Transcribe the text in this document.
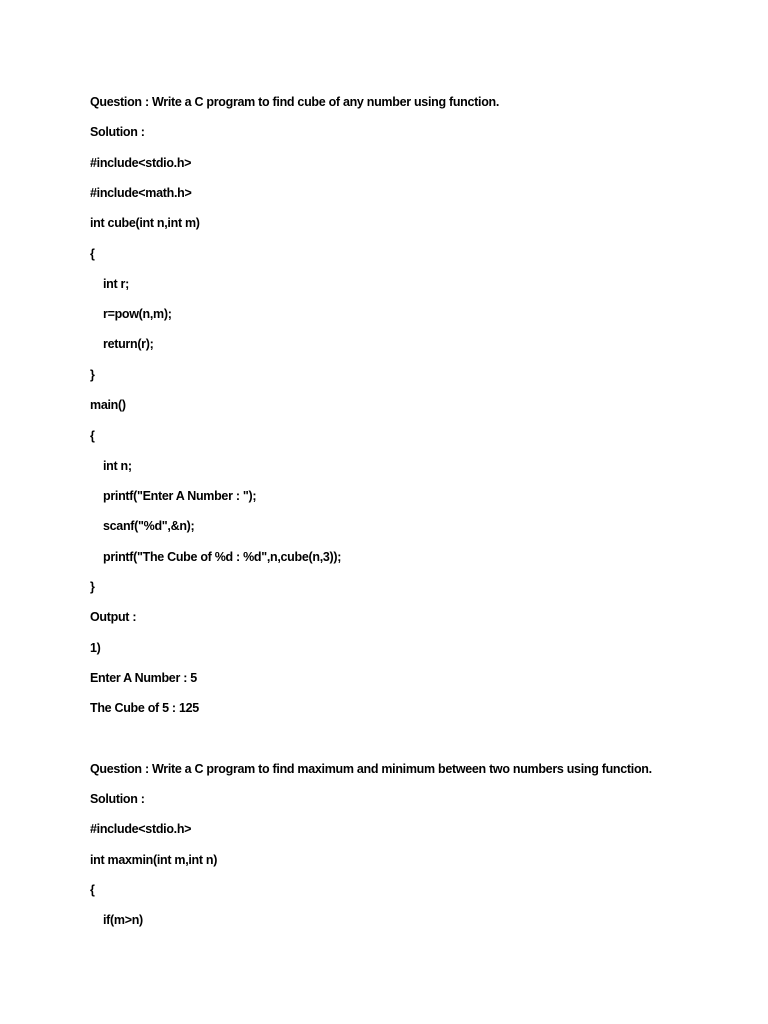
Question : Write a C program to find cube of any number using function.
Solution :
#include<stdio.h>
#include<math.h>
int cube(int n,int m)
{
int r;
r=pow(n,m);
return(r);
}
main()
{
int n;
printf("Enter A Number : ");
scanf("%d",&n);
printf("The Cube of %d : %d",n,cube(n,3));
}
Output :
1)
Enter A Number : 5
The Cube of 5 : 125
Question : Write a C program to find maximum and minimum between two numbers using function.
Solution :
#include<stdio.h>
int maxmin(int m,int n)
{
if(m>n)
